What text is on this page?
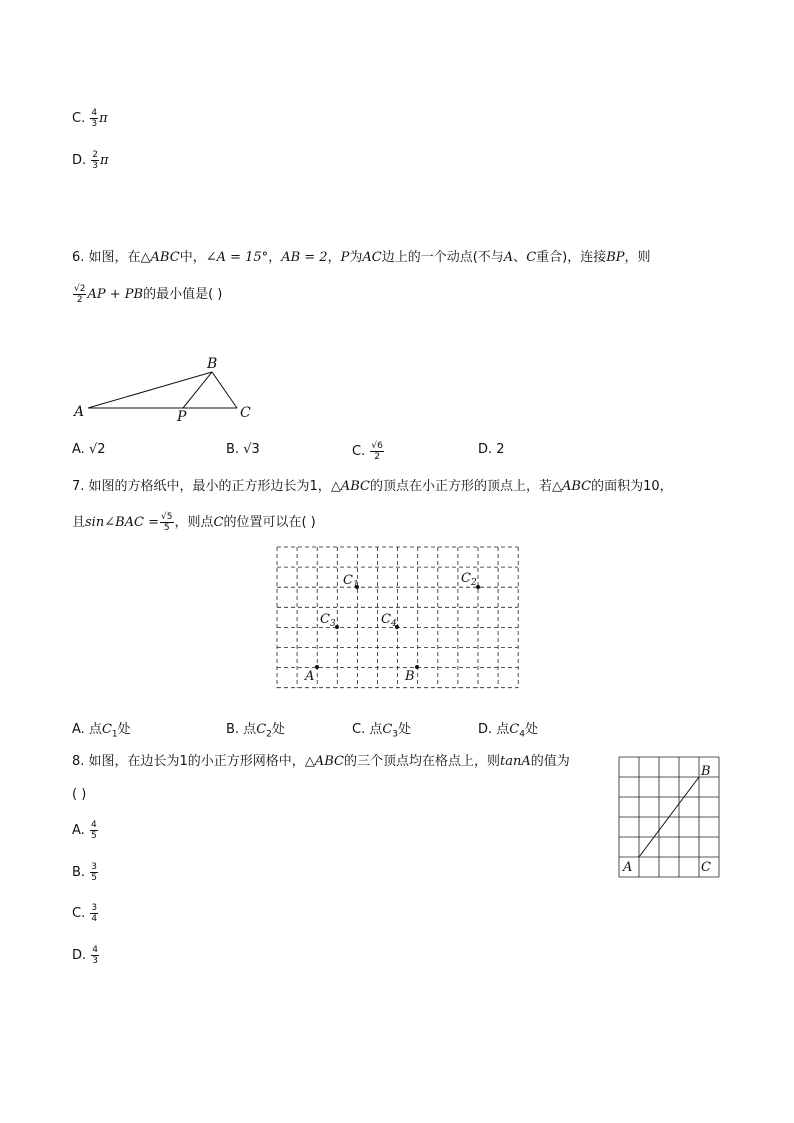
C. $\frac{4}{3}$ π
D. $\frac{2}{3}$ π
6. 如图，在△ABC中，∠A = 15°，AB = 2，P为AC边上的一个动点(不与A、C重合)，连接BP，则
$\frac{√2}{2}$ AP + PB的最小值是( )
A
B
C
P
A. √2	B. √3	C. $\frac{√6}{2}$	D. 2
7. 如图的方格纸中，最小的正方形边长为1，△ABC的顶点在小正方形的顶点上，若△ABC的面积为10，
且sin∠BAC = $\frac{√5}{5}$ ，则点C的位置可以在( )
$C_1$	$C_2$
$C_3$	$C_4$
A	B
A. 点$C_1$处	B. 点$C_2$处	C. 点$C_3$处	D. 点$C_4$处
8. 如图，在边长为1的小正方形网格中，△ABC的三个顶点均在格点上，则tanA的值为
( )
A
B
C
A. $\frac{4}{5}$
B. $\frac{3}{5}$
C. $\frac{3}{4}$
D. $\frac{4}{3}$
